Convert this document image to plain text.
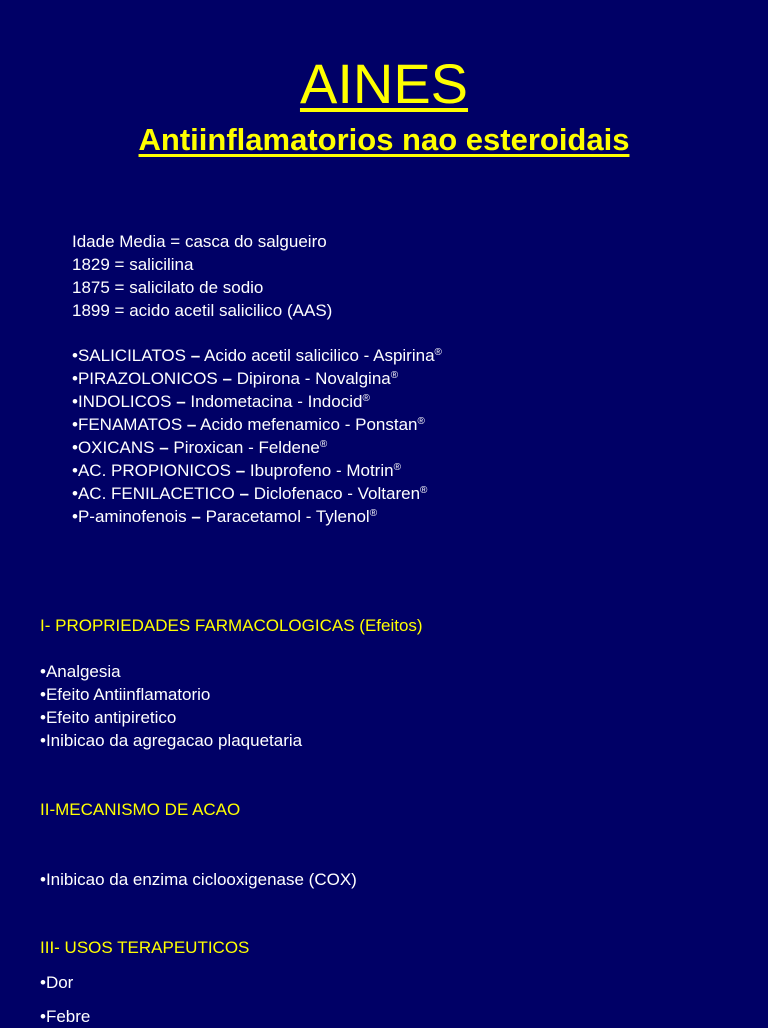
AINES
Antiinflamatorios nao esteroidais
Idade Media = casca do salgueiro
1829 = salicilina
1875 = salicilato de sodio
1899 = acido acetil salicilico (AAS)
•SALICILATOS – Acido acetil salicilico - Aspirina®
•PIRAZOLONICOS – Dipirona - Novalgina®
•INDOLICOS – Indometacina - Indocid®
•FENAMATOS – Acido mefenamico - Ponstan®
•OXICANS – Piroxican - Feldene®
•AC. PROPIONICOS – Ibuprofeno - Motrin®
•AC. FENILACETICO – Diclofenaco - Voltaren®
•P-aminofenois – Paracetamol - Tylenol®
I- PROPRIEDADES FARMACOLOGICAS (Efeitos)
•Analgesia
•Efeito Antiinflamatorio
•Efeito antipiretico
•Inibicao da agregacao plaquetaria
II-MECANISMO DE ACAO
•Inibicao da enzima ciclooxigenase (COX)
III- USOS TERAPEUTICOS
•Dor
•Febre
